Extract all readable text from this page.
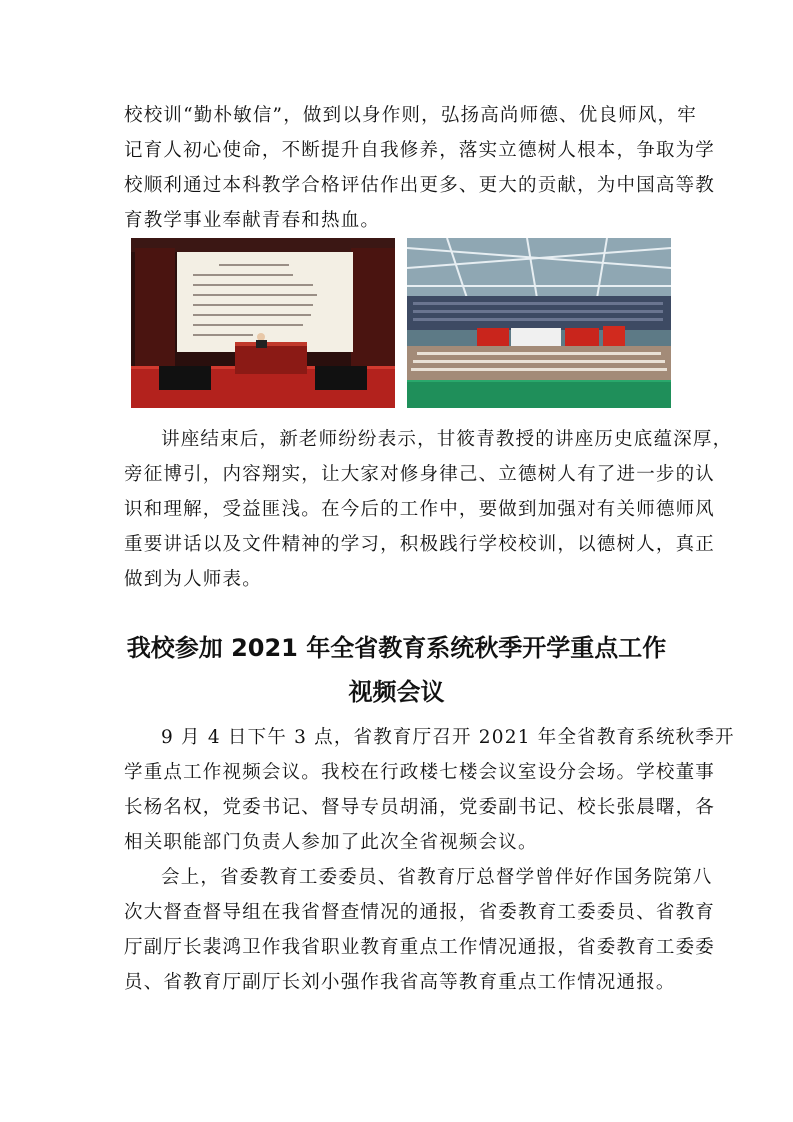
校校训“勤朴敏信”，做到以身作则，弘扬高尚师德、优良师风，牢
记育人初心使命，不断提升自我修养，落实立德树人根本，争取为学
校顺利通过本科教学合格评估作出更多、更大的贡献，为中国高等教
育教学事业奉献青春和热血。
讲座结束后，新老师纷纷表示，甘筱青教授的讲座历史底蕴深厚，
旁征博引，内容翔实，让大家对修身律己、立德树人有了进一步的认
识和理解，受益匪浅。在今后的工作中，要做到加强对有关师德师风
重要讲话以及文件精神的学习，积极践行学校校训，以德树人，真正
做到为人师表。
我校参加 2021 年全省教育系统秋季开学重点工作
视频会议
9 月 4 日下午 3 点，省教育厅召开 2021 年全省教育系统秋季开
学重点工作视频会议。我校在行政楼七楼会议室设分会场。学校董事
长杨名权，党委书记、督导专员胡涌，党委副书记、校长张晨曙，各
相关职能部门负责人参加了此次全省视频会议。
会上，省委教育工委委员、省教育厅总督学曾伴好作国务院第八
次大督查督导组在我省督查情况的通报，省委教育工委委员、省教育
厅副厅长裴鸿卫作我省职业教育重点工作情况通报，省委教育工委委
员、省教育厅副厅长刘小强作我省高等教育重点工作情况通报。
